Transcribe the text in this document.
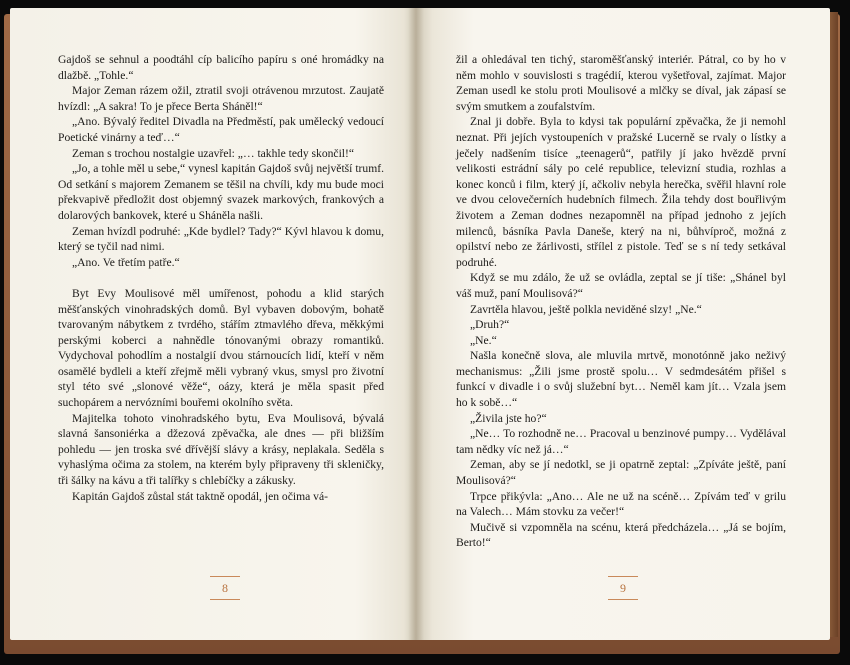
Gajdoš se sehnul a poodtáhl cíp balicího papíru s oné hromádky na dlažbě. „Tohle.“

Major Zeman rázem ožil, ztratil svoji otrávenou mrzutost. Zaujatě hvízdl: „A sakra! To je přece Berta Sháněl!“

„Ano. Bývalý ředitel Divadla na Předměstí, pak umělecký vedoucí Poetické vinárny a teď…“

Zeman s trochou nostalgie uzavřel: „… takhle tedy skončil!“

„Jo, a tohle měl u sebe,“ vynesl kapitán Gajdoš svůj největší trumf. Od setkání s majorem Zemanem se těšil na chvíli, kdy mu bude moci překvapivě předložit dost objemný svazek markových, frankových a dolarových bankovek, které u Sháněla našli.

Zeman hvízdl podruhé: „Kde bydlel? Tady?“ Kývl hlavou k domu, který se tyčil nad nimi.

„Ano. Ve třetím patře.“

Byt Evy Moulisové měl umířenost, pohodu a klid starých měšťanských vinohradských domů. Byl vybaven dobovým, bohatě tvarovaným nábytkem z tvrdého, stářím ztmavlého dřeva, měkkými perskými koberci a nahnědle tónovanými obrazy romantiků. Vydychoval pohodlím a nostalgií dvou stárnoucích lidí, kteří v něm osamělé bydleli a kteří zřejmě měli vybraný vkus, smysl pro životní styl této své „slonové věže“, oázy, která je měla spasit před suchopárem a nervózními bouřemi okolního světa.

Majitelka tohoto vinohradského bytu, Eva Moulisová, bývalá slavná šansoniérka a džezová zpěvačka, ale dnes — při bližším pohledu — jen troska své dřívější slávy a krásy, neplakala. Seděla s vyhaslýma očima za stolem, na kterém byly připraveny tři skleničky, tři šálky na kávu a tři talířky s chlebíčky a zákusky.

Kapitán Gajdoš zůstal stát taktně opodál, jen očima vá-

8

žil a ohledával ten tichý, staroměšťanský interiér. Pátral, co by ho v něm mohlo v souvislosti s tragédií, kterou vyšetřoval, zajímat. Major Zeman usedl ke stolu proti Moulisové a mlčky se díval, jak zápasí se svým smutkem a zoufalstvím.

Znal ji dobře. Byla to kdysi tak populární zpěvačka, že ji nemohl neznat. Při jejích vystoupeních v pražské Lucerně se rvaly o lístky a ječely nadšením tisíce „teenagerů“, patřily jí jako hvězdě první velikosti estrádní sály po celé republice, televizní studia, rozhlas a konec konců i film, který jí, ačkoliv nebyla herečka, svěřil hlavní role ve dvou celovečerních hudebních filmech. Žila tehdy dost bouřlivým životem a Zeman dodnes nezapomněl na případ jednoho z jejích milenců, básníka Pavla Daneše, který na ni, bůhvíproč, možná z opilství nebo ze žárlivosti, střílel z pistole. Teď se s ní tedy setkával podruhé.

Když se mu zdálo, že už se ovládla, zeptal se jí tiše: „Shánel byl váš muž, paní Moulisová?“

Zavrtěla hlavou, ještě polkla neviděné slzy! „Ne.“

„Druh?“

„Ne.“

Našla konečně slova, ale mluvila mrtvě, monotónně jako neživý mechanismus: „Žili jsme prostě spolu… V sedmdesátém přišel s funkcí v divadle i o svůj služební byt… Neměl kam jít… Vzala jsem ho k sobě…“

„Živila jste ho?“

„Ne… To rozhodně ne… Pracoval u benzinové pumpy… Vydělával tam nědky víc než já…“

Zeman, aby se jí nedotkl, se ji opatrně zeptal: „Zpíváte ještě, paní Moulisová?“

Trpce přikývla: „Ano… Ale ne už na scéně… Zpívám teď v grilu na Valech… Mám stovku za večer!“

Mučivě si vzpomněla na scénu, která předcházela… „Já se bojím, Berto!“

9
